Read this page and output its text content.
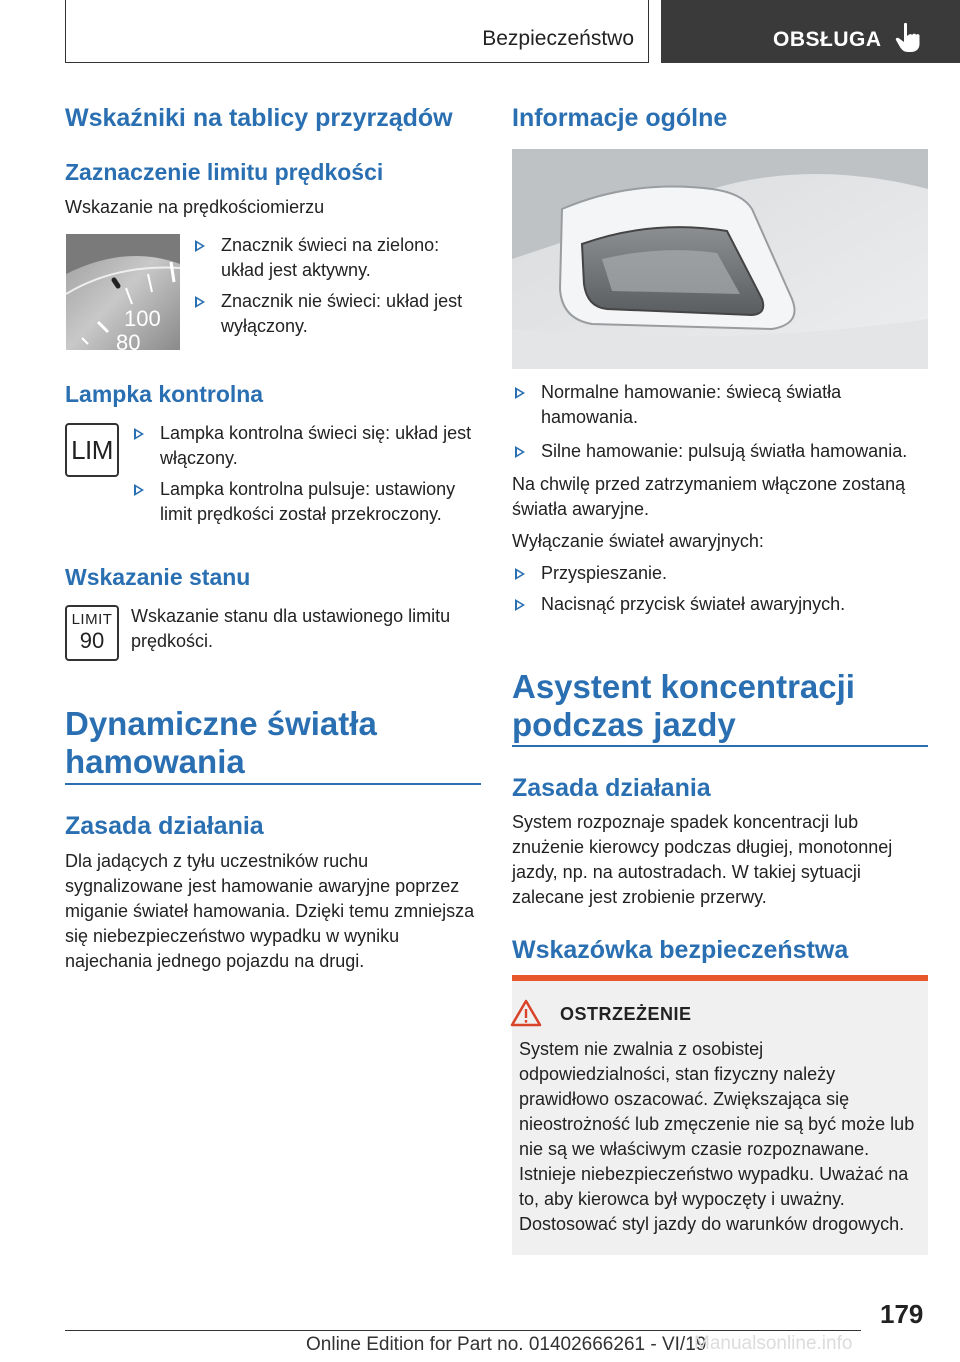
Bezpieczeństwo	OBSŁUGA
Wskaźniki na tablicy przyrządów
Zaznaczenie limitu prędkości
Wskazanie na prędkościomierzu
100
80
Znacznik świeci na zielono: układ jest aktywny.
Znacznik nie świeci: układ jest wyłączony.
Lampka kontrolna
LIM
Lampka kontrolna świeci się: układ jest włączony.
Lampka kontrolna pulsuje: ustawiony limit prędkości został przekroczony.
Wskazanie stanu
LIMIT
90
Wskazanie stanu dla ustawionego limitu prędkości.
Dynamiczne światła hamowania
Zasada działania
Dla jadących z tyłu uczestników ruchu sygnalizowane jest hamowanie awaryjne poprzez miganie świateł hamowania. Dzięki temu zmniejsza się niebezpieczeństwo wypadku w wyniku najechania jednego pojazdu na drugi.
Informacje ogólne
Normalne hamowanie: świecą światła hamowania.
Silne hamowanie: pulsują światła hamowania.
Na chwilę przed zatrzymaniem włączone zostaną światła awaryjne.
Wyłączanie świateł awaryjnych:
Przyspieszanie.
Nacisnąć przycisk świateł awaryjnych.
Asystent koncentracji podczas jazdy
Zasada działania
System rozpoznaje spadek koncentracji lub znużenie kierowcy podczas długiej, monotonnej jazdy, np. na autostradach. W takiej sytuacji zalecane jest zrobienie przerwy.
Wskazówka bezpieczeństwa
System nie zwalnia z osobistej odpowiedzialności, stan fizyczny należy prawidłowo oszacować. Zwiększająca się nieostrożność lub zmęczenie nie są być może lub nie są we właściwym czasie rozpoznawane. Istnieje niebezpieczeństwo wypadku. Uważać na to, aby kierowca był wypoczęty i uważny. Dostosować styl jazdy do warunków drogowych.
OSTRZEŻENIE
179
Online Edition for Part no. 01402666261 - VI/19
Manualsonline.info
